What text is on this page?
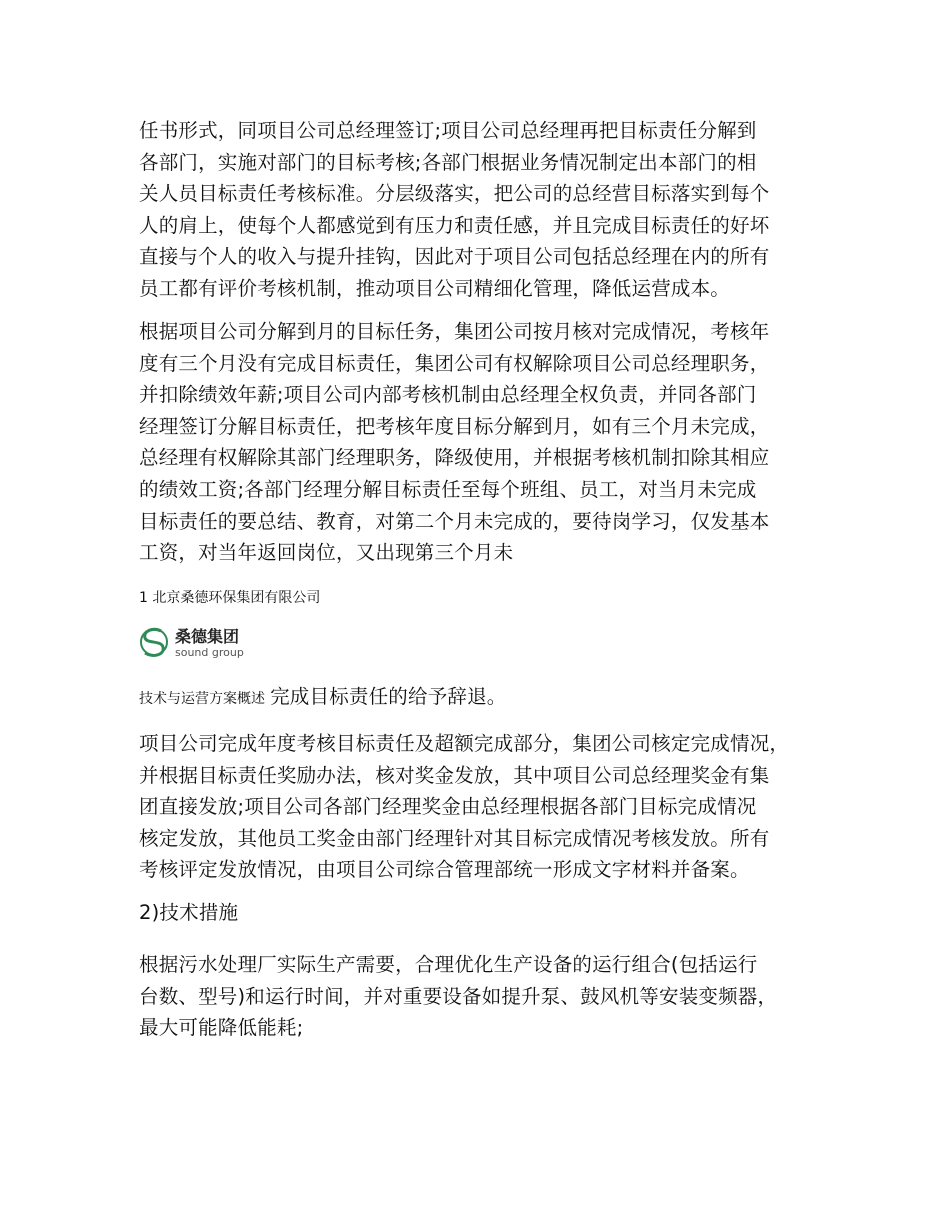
任书形式，同项目公司总经理签订;项目公司总经理再把目标责任分解到
各部门，实施对部门的目标考核;各部门根据业务情况制定出本部门的相
关人员目标责任考核标准。分层级落实，把公司的总经营目标落实到每个
人的肩上，使每个人都感觉到有压力和责任感，并且完成目标责任的好坏
直接与个人的收入与提升挂钩，因此对于项目公司包括总经理在内的所有
员工都有评价考核机制，推动项目公司精细化管理，降低运营成本。

根据项目公司分解到月的目标任务，集团公司按月核对完成情况，考核年
度有三个月没有完成目标责任，集团公司有权解除项目公司总经理职务，
并扣除绩效年薪;项目公司内部考核机制由总经理全权负责，并同各部门
经理签订分解目标责任，把考核年度目标分解到月，如有三个月未完成，
总经理有权解除其部门经理职务，降级使用，并根据考核机制扣除其相应
的绩效工资;各部门经理分解目标责任至每个班组、员工，对当月未完成
目标责任的要总结、教育，对第二个月未完成的，要待岗学习，仅发基本
工资，对当年返回岗位，又出现第三个月未

1 北京桑德环保集团有限公司

桑德集团
sound group

技术与运营方案概述 完成目标责任的给予辞退。

项目公司完成年度考核目标责任及超额完成部分，集团公司核定完成情况，
并根据目标责任奖励办法，核对奖金发放，其中项目公司总经理奖金有集
团直接发放;项目公司各部门经理奖金由总经理根据各部门目标完成情况
核定发放，其他员工奖金由部门经理针对其目标完成情况考核发放。所有
考核评定发放情况，由项目公司综合管理部统一形成文字材料并备案。

2)技术措施

根据污水处理厂实际生产需要，合理优化生产设备的运行组合(包括运行
台数、型号)和运行时间，并对重要设备如提升泵、鼓风机等安装变频器，
最大可能降低能耗;
